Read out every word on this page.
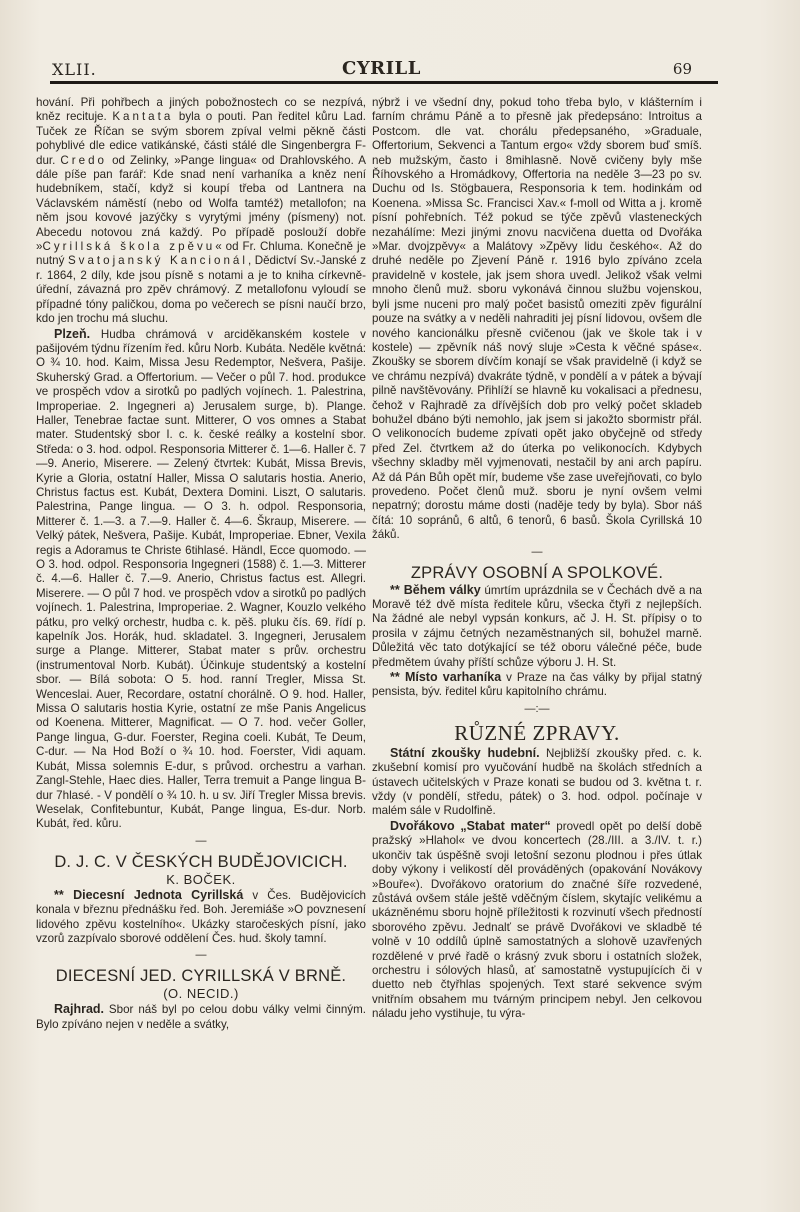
XLII.	CYRILL	69

hování. Při pohřbech a jiných pobožnostech co se nezpívá, kněz recituje. Kantata byla o pouti. Pan ředitel kůru Lad. Tuček ze Říčan se svým sborem zpíval velmi pěkně části pohyblivé dle edice vatikánské, části stálé dle Singenbergra F-dur. Credo od Zelinky, »Pange lingua« od Drahlovského. A dále píše pan farář: Kde snad není varhaníka a kněz není hudebníkem, stačí, když si koupí třeba od Lantnera na Václavském náměstí (nebo od Wolfa tamtéž) metallofon; na něm jsou kovové jazýčky s vyrytými jmény (písmeny) not. Abecedu notovou zná každý. Po případě poslouží dobře »Cyrillská škola zpěvu« od Fr. Chluma. Konečně je nutný Svatojanský Kancionál, Dědictví Sv.-Janské z r. 1864, 2 díly, kde jsou písně s notami a je to kniha církevně-úřední, závazná pro zpěv chrámový. Z metallofonu vyloudí se případné tóny paličkou, doma po večerech se písni naučí brzo, kdo jen trochu má sluchu.

Plzeň. Hudba chrámová v arciděkanském kostele v pašijovém týdnu řízením řed. kůru Norb. Kubáta. Neděle květná: O ¾ 10. hod. Kaim, Missa Jesu Redemptor, Nešvera, Pašije. Skuherský Grad. a Offertorium. — Večer o půl 7. hod. produkce ve prospěch vdov a sirotků po padlých vojínech. 1. Palestrina, Improperiae. 2. Ingegneri a) Jerusalem surge, b). Plange. Haller, Tenebrae factae sunt. Mitterer, O vos omnes a Stabat mater. Studentský sbor I. c. k. české reálky a kostelní sbor. Středa: o 3. hod. odpol. Responsoria Mitterer č. 1—6. Haller č. 7—9. Anerio, Miserere. — Zelený čtvrtek: Kubát, Missa Brevis, Kyrie a Gloria, ostatní Haller, Missa O salutaris hostia. Anerio, Christus factus est. Kubát, Dextera Domini. Liszt, O salutaris. Palestrina, Pange lingua. — O 3. h. odpol. Responsoria, Mitterer č. 1.—3. a 7.—9. Haller č. 4—6. Škraup, Miserere. — Velký pátek, Nešvera, Pašije. Kubát, Improperiae. Ebner, Vexila regis a Adoramus te Christe 6tihlasé. Händl, Ecce quomodo. — O 3. hod. odpol. Responsoria Ingegneri (1588) č. 1.—3. Mitterer č. 4.—6. Haller č. 7.—9. Anerio, Christus factus est. Allegri. Miserere. — O půl 7 hod. ve prospěch vdov a sirotků po padlých vojínech. 1. Palestrina, Improperiae. 2. Wagner, Kouzlo velkého pátku, pro velký orchestr, hudba c. k. pěš. pluku čís. 69. řídí p. kapelník Jos. Horák, hud. skladatel. 3. Ingegneri, Jerusalem surge a Plange. Mitterer, Stabat mater s prův. orchestru (instrumentoval Norb. Kubát). Účinkuje studentský a kostelní sbor. — Bílá sobota: O 5. hod. ranní Tregler, Missa St. Wenceslai. Auer, Recordare, ostatní chorálně. O 9. hod. Haller, Missa O salutaris hostia Kyrie, ostatní ze mše Panis Angelicus od Koenena. Mitterer, Magnificat. — O 7. hod. večer Goller, Pange lingua, G-dur. Foerster, Regina coeli. Kubát, Te Deum, C-dur. — Na Hod Boží o ¾ 10. hod. Foerster, Vidi aquam. Kubát, Missa solemnis E-dur, s průvod. orchestru a varhan. Zangl-Stehle, Haec dies. Haller, Terra tremuit a Pange lingua B-dur 7hlasé. - V pondělí o ¾ 10. h. u sv. Jiří Tregler Missa brevis. Weselak, Confitebuntur, Kubát, Pange lingua, Es-dur. Norb. Kubát, řed. kůru.

—
D. J. C. V ČESKÝCH BUDĚJOVICICH.
K. BOČEK.

** Diecesní Jednota Cyrillská v Čes. Budějovicích konala v březnu přednášku řed. Boh. Jeremiáše »O povznesení lidového zpěvu kostelního«. Ukázky staročeských písní, jako vzorů zazpívalo sborové oddělení Čes. hud. školy tamní.

—
DIECESNÍ JED. CYRILLSKÁ V BRNĚ.
(O. NECID.)

Rajhrad. Sbor náš byl po celou dobu války velmi činným. Bylo zpíváno nejen v neděle a svátky,

nýbrž i ve všední dny, pokud toho třeba bylo, v klášterním i farním chrámu Páně a to přesně jak předepsáno: Introitus a Postcom. dle vat. chorálu předepsaného, »Graduale, Offertorium, Sekvenci a Tantum ergo« vždy sborem buď smíš. neb mužským, často i 8mihlasně. Nově cvičeny byly mše Říhovského a Hromádkovy, Offertoria na neděle 3—23 po sv. Duchu od Is. Stögbauera, Responsoria k tem. hodinkám od Koenena. »Missa Sc. Francisci Xav.« f-moll od Witta a j. kromě písní pohřebních. Též pokud se týče zpěvů vlasteneckých nezahálíme: Mezi jinými znovu nacvičena duetta od Dvořáka »Mar. dvojzpěvy« a Malátovy »Zpěvy lidu českého«. Až do druhé neděle po Zjevení Páně r. 1916 bylo zpíváno zcela pravidelně v kostele, jak jsem shora uvedl. Jelikož však velmi mnoho členů muž. sboru vykonává činnou službu vojenskou, byli jsme nuceni pro malý počet basistů omeziti zpěv figurální pouze na svátky a v neděli nahraditi jej písní lidovou, ovšem dle nového kancionálku přesně cvičenou (jak ve škole tak i v kostele) — zpěvník náš nový sluje »Cesta k věčné spáse«. Zkoušky se sborem dívčím konají se však pravidelně (i když se ve chrámu nezpívá) dvakráte týdně, v pondělí a v pátek a bývají pilně navštěvovány. Přihlíží se hlavně ku vokalisaci a přednesu, čehož v Rajhradě za dřívějších dob pro velký počet skladeb bohužel dbáno býti nemohlo, jak jsem si jakožto sbormistr přál. O velikonocích budeme zpívati opět jako obyčejně od středy před Zel. čtvrtkem až do úterka po velikonocích. Kdybych všechny skladby měl vyjmenovati, nestačil by ani arch papíru. Až dá Pán Bůh opět mír, budeme vše zase uveřejňovati, co bylo provedeno. Počet členů muž. sboru je nyní ovšem velmi nepatrný; dorostu máme dosti (naděje tedy by byla). Sbor náš čítá: 10 sopránů, 6 altů, 6 tenorů, 6 basů. Škola Cyrillská 10 žáků.

—
ZPRÁVY OSOBNÍ A SPOLKOVÉ.

** Během války úmrtím uprázdnila se v Čechách dvě a na Moravě též dvě místa ředitele kůru, všecka čtyři z nejlepších. Na žádné ale nebyl vypsán konkurs, ač J. H. St. přípisy o to prosila v zájmu četných nezaměstnaných sil, bohužel marně. Důležitá věc tato dotýkající se též oboru válečné péče, bude předmětem úvahy příští schůze výboru J. H. St.

** Místo varhaníka v Praze na čas války by přijal statný pensista, býv. ředitel kůru kapitolního chrámu.

—:—
RŮZNÉ ZPRAVY.

Státní zkoušky hudební. Nejbližší zkoušky před. c. k. zkušební komisí pro vyučování hudbě na školách středních a ústavech učitelských v Praze konati se budou od 3. května t. r. vždy (v pondělí, středu, pátek) o 3. hod. odpol. počínaje v malém sále v Rudolfině.

Dvořákovo „Stabat mater“ provedl opět po delší době pražský »Hlahol« ve dvou koncertech (28./III. a 3./IV. t. r.) ukončiv tak úspěšně svoji letošní sezonu plodnou i přes útlak doby výkony i velikostí děl prováděných (opakování Novákovy »Bouře«). Dvořákovo oratorium do značné šíře rozvedené, zůstává ovšem stále ještě vděčným číslem, skytajíc velikému a ukázněnému sboru hojně příležitosti k rozvinutí všech předností sborového zpěvu. Jednalť se právě Dvořákovi ve skladbě té volně v 10 oddílů úplně samostatných a slohově uzavřených rozdělené v prvé řadě o krásný zvuk sboru i ostatních složek, orchestru i sólových hlasů, ať samostatně vystupujících či v duetto neb čtyřhlas spojených. Text staré sekvence svým vnitřním obsahem mu tvárným principem nebyl. Jen celkovou náladu jeho vystihuje, tu výra-
